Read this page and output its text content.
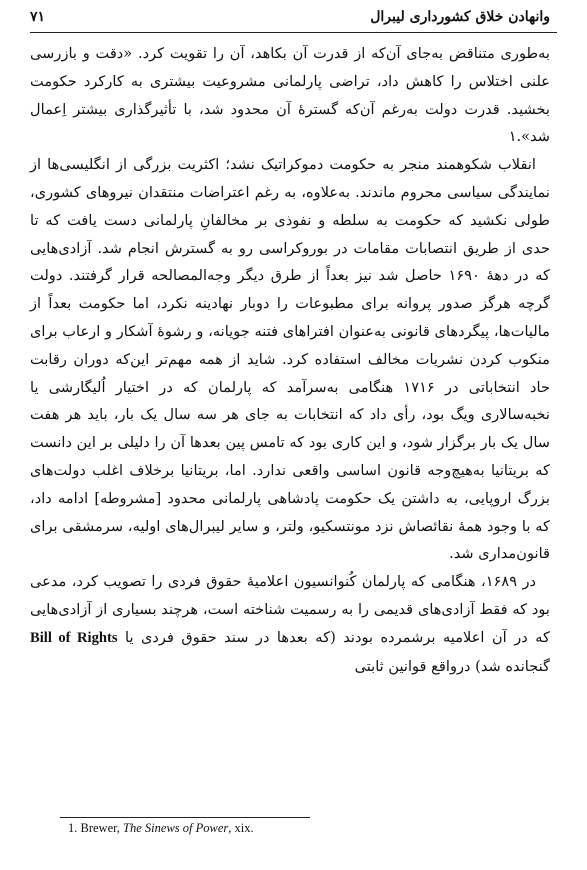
وانهادن خلاق کشورداری لیبرال
۷۱

به‌طوری متناقض به‌جای آن‌که از قدرت آن بکاهد، آن را تقویت کرد. «دقت و بازرسی علنی اختلاس را کاهش داد، تراضی پارلمانی مشروعیت بیشتری به کارکرد حکومت بخشید. قدرت دولت به‌رغم آن‌که گسترهٔ آن محدود شد، با تأثیرگذاری بیشتر اِعمال شد».۱

انقلاب شکوهمند منجر به حکومت دموکراتیک نشد؛ اکثریت بزرگی از انگلیسی‌ها از نمایندگی سیاسی محروم ماندند. به‌علاوه، به رغم اعتراضات منتقدان نیروهای کشوری، طولی نکشید که حکومت به سلطه و نفوذی بر مخالفانِ پارلمانی دست یافت که تا حدی از طریق انتصابات مقامات در بوروکراسی رو به گسترش انجام شد. آزادی‌هایی که در دههٔ ۱۶۹۰ حاصل شد نیز بعداً از طرق دیگر وجه‌المصالحه قرار گرفتند. دولت گرچه هرگز صدور پروانه برای مطبوعات را دوبار نهادینه نکرد، اما حکومت بعداً از مالیات‌ها، پیگردهای قانونی به‌عنوان افتراهای فتنه جویانه، و رشوهٔ آشکار و ارعاب برای منکوب کردن نشریات مخالف استفاده کرد. شاید از همه مهم‌تر این‌که دوران رقابت حاد انتخاباتی در ۱۷۱۶ هنگامی به‌سرآمد که پارلمان که در اختیار اُلیگارشی یا نخبه‌سالاری ویگ بود، رأی داد که انتخابات به جای هر سه سال یک بار، باید هر هفت سال یک بار برگزار شود، و این کاری بود که تامس پین بعدها آن را دلیلی بر این دانست که بریتانیا به‌هیچ‌وجه قانون اساسی واقعی ندارد. اما، بریتانیا برخلاف اغلب دولت‌های بزرگ اروپایی، به داشتن یک حکومت پادشاهی پارلمانی محدود [مشروطه] ادامه داد، که با وجود همهٔ نقائصاش نزد مونتسکیو، ولتر، و سایر لیبرال‌های اولیه، سرمشقی برای قانون‌مداری شد.

در ۱۶۸۹، هنگامی که پارلمان کُنوانسیون اعلامیهٔ حقوق فردی را تصویب کرد، مدعی بود که فقط آزادی‌های قدیمی را به رسمیت شناخته است، هرچند بسیاری از آزادی‌هایی که در آن اعلامیه برشمرده بودند (که بعدها در سند حقوق فردی یا Bill of Rights گنجانده شد) درواقع قوانین ثابتی

1. Brewer, The Sinews of Power, xix.
